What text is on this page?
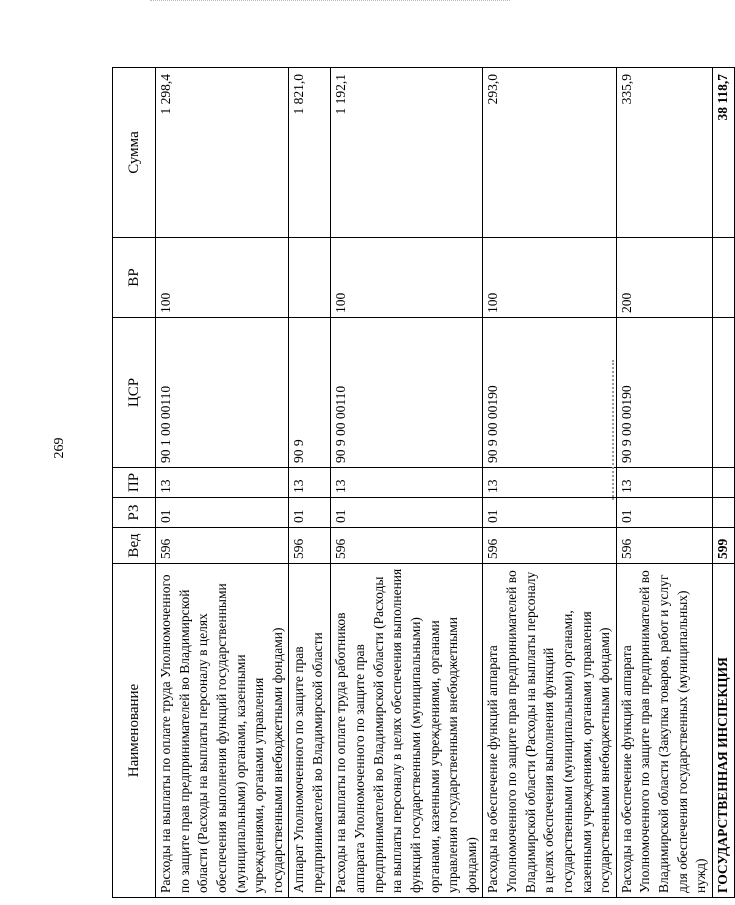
269
Наименование	Вед	РЗ	ПР	ЦСР	ВР	Сумма
Расходы на выплаты по оплате труда Уполномоченного по защите прав предпринимателей во Владимирской области (Расходы на выплаты персоналу в целях обеспечения выполнения функций государственными (муниципальными) органами, казенными учреждениями, органами управления государственными внебюджетными фондами)	596	01	13	90 1 00 00110	100	1 298,4
Аппарат Уполномоченного по защите прав предпринимателей во Владимирской области	596	01	13	90 9		1 821,0
Расходы на выплаты по оплате труда работников аппарата Уполномоченного по защите прав предпринимателей во Владимирской области (Расходы на выплаты персоналу в целях обеспечения выполнения функций государственными (муниципальными) органами, казенными учреждениями, органами управления государственными внебюджетными фондами)	596	01	13	90 9 00 00110	100	1 192,1
Расходы на обеспечение функций аппарата Уполномоченного по защите прав предпринимателей во Владимирской области (Расходы на выплаты персоналу в целях обеспечения выполнения функций государственными (муниципальными) органами, казенными учреждениями, органами управления государственными внебюджетными фондами)	596	01	13	90 9 00 00190	100	293,0
Расходы на обеспечение функций аппарата Уполномоченного по защите прав предпринимателей во Владимирской области (Закупка товаров, работ и услуг для обеспечения государственных (муниципальных) нужд)	596	01	13	90 9 00 00190	200	335,9
ГОСУДАРСТВЕННАЯ ИНСПЕКЦИЯ	599					38 118,7
